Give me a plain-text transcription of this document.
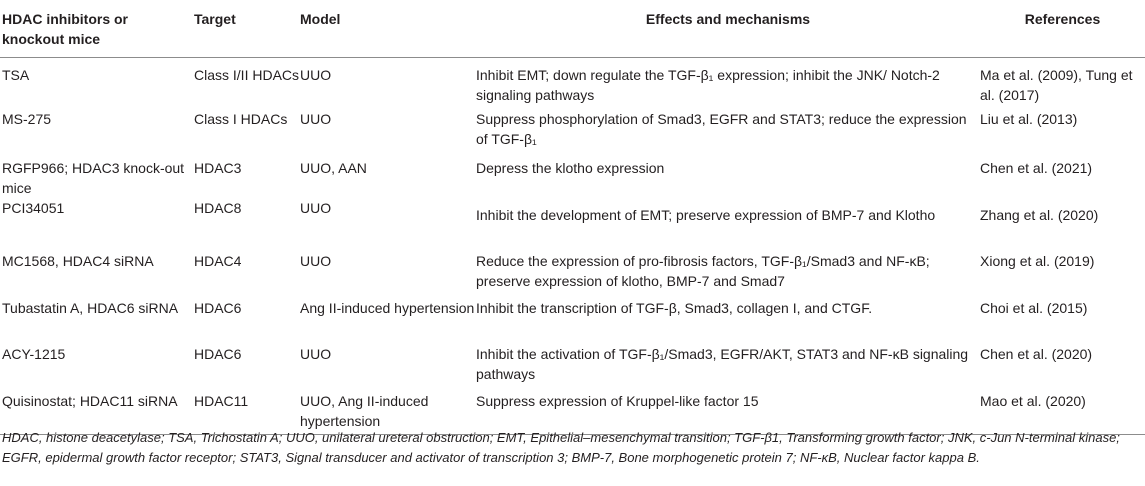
HDAC inhibitors or knockout mice	Target	Model	Effects and mechanisms	References
TSA	Class I/II HDACs	UUO	Inhibit EMT; down regulate the TGF-β₁ expression; inhibit the JNK/ Notch-2 signaling pathways	Ma et al. (2009), Tung et al. (2017)
MS-275	Class I HDACs	UUO	Suppress phosphorylation of Smad3, EGFR and STAT3; reduce the expression of TGF-β₁	Liu et al. (2013)
RGFP966; HDAC3 knock-out mice	HDAC3	UUO, AAN	Depress the klotho expression	Chen et al. (2021)
PCI34051	HDAC8	UUO	Inhibit the development of EMT; preserve expression of BMP-7 and Klotho	Zhang et al. (2020)
MC1568, HDAC4 siRNA	HDAC4	UUO	Reduce the expression of pro-fibrosis factors, TGF-β₁/Smad3 and NF-κB; preserve expression of klotho, BMP-7 and Smad7	Xiong et al. (2019)
Tubastatin A, HDAC6 siRNA	HDAC6	Ang II-induced hypertension	Inhibit the transcription of TGF-β, Smad3, collagen I, and CTGF.	Choi et al. (2015)
ACY-1215	HDAC6	UUO	Inhibit the activation of TGF-β₁/Smad3, EGFR/AKT, STAT3 and NF-κB signaling pathways	Chen et al. (2020)
Quisinostat; HDAC11 siRNA	HDAC11	UUO, Ang II-induced hypertension	Suppress expression of Kruppel-like factor 15	Mao et al. (2020)
HDAC, histone deacetylase; TSA, Trichostatin A; UUO, unilateral ureteral obstruction; EMT, Epithelial–mesenchymal transition; TGF-β1, Transforming growth factor; JNK, c-Jun N-terminal kinase; EGFR, epidermal growth factor receptor; STAT3, Signal transducer and activator of transcription 3; BMP-7, Bone morphogenetic protein 7; NF-κB, Nuclear factor kappa B.
